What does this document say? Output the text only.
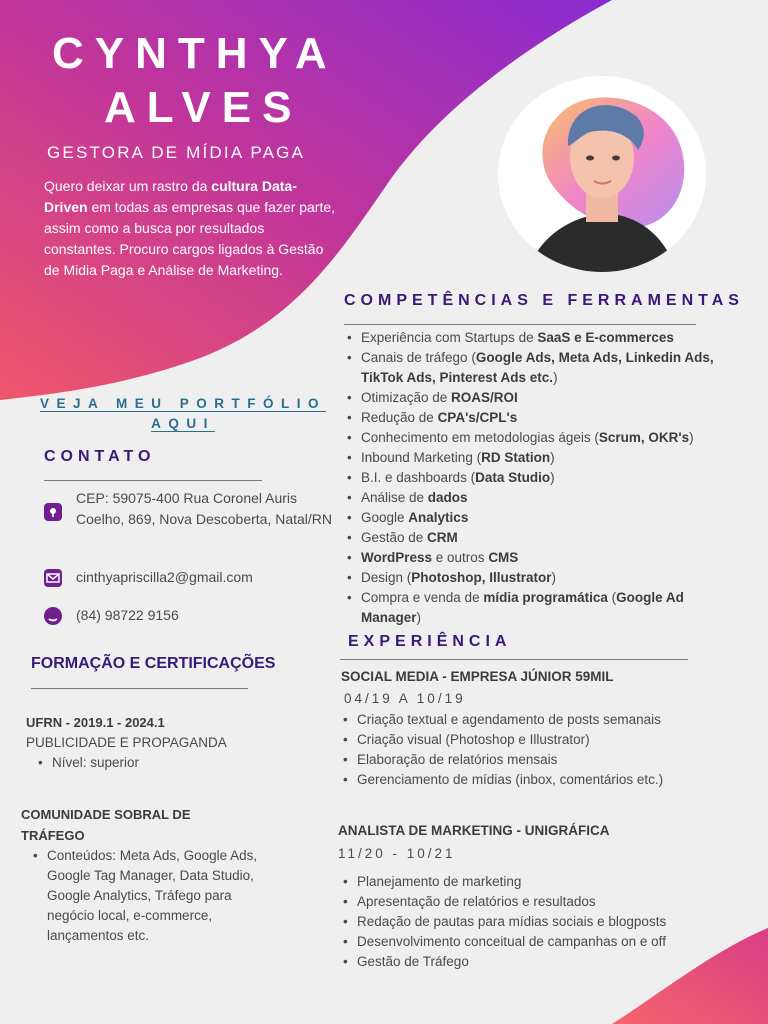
CYNTHYA
ALVES
GESTORA DE MÍDIA PAGA
Quero deixar um rastro da cultura Data-Driven em todas as empresas que fazer parte, assim como a busca por resultados constantes. Procuro cargos ligados à Gestão de Midia Paga e Análise de Marketing.
VEJA MEU PORTFÓLIO
AQUI
CONTATO
CEP: 59075-400 Rua Coronel Auris Coelho, 869, Nova Descoberta, Natal/RN
cinthyapriscilla2@gmail.com
(84) 98722 9156
FORMAÇÃO E CERTIFICAÇÕES
UFRN - 2019.1 - 2024.1
PUBLICIDADE E PROPAGANDA
• Nível: superior
COMUNIDADE SOBRAL DE TRÁFEGO
• Conteúdos: Meta Ads, Google Ads, Google Tag Manager, Data Studio, Google Analytics, Tráfego para negócio local, e-commerce, lançamentos etc.
COMPETÊNCIAS E FERRAMENTAS
• Experiência com Startups de SaaS e E-commerces
• Canais de tráfego (Google Ads, Meta Ads, Linkedin Ads, TikTok Ads, Pinterest Ads etc.)
• Otimização de ROAS/ROI
• Redução de CPA's/CPL's
• Conhecimento em metodologias ágeis (Scrum, OKR's)
• Inbound Marketing (RD Station)
• B.I. e dashboards (Data Studio)
• Análise de dados
• Google Analytics
• Gestão de CRM
• WordPress e outros CMS
• Design (Photoshop, Illustrator)
• Compra e venda de mídia programática (Google Ad Manager)
EXPERIÊNCIA
SOCIAL MEDIA - EMPRESA JÚNIOR 59MIL
04/19 A 10/19
• Criação textual e agendamento de posts semanais
• Criação visual (Photoshop e Illustrator)
• Elaboração de relatórios mensais
• Gerenciamento de mídias (inbox, comentários etc.)
ANALISTA DE MARKETING - UNIGRÁFICA
11/20 - 10/21
• Planejamento de marketing
• Apresentação de relatórios e resultados
• Redação de pautas para mídias sociais e blogposts
• Desenvolvimento conceitual de campanhas on e off
• Gestão de Tráfego
